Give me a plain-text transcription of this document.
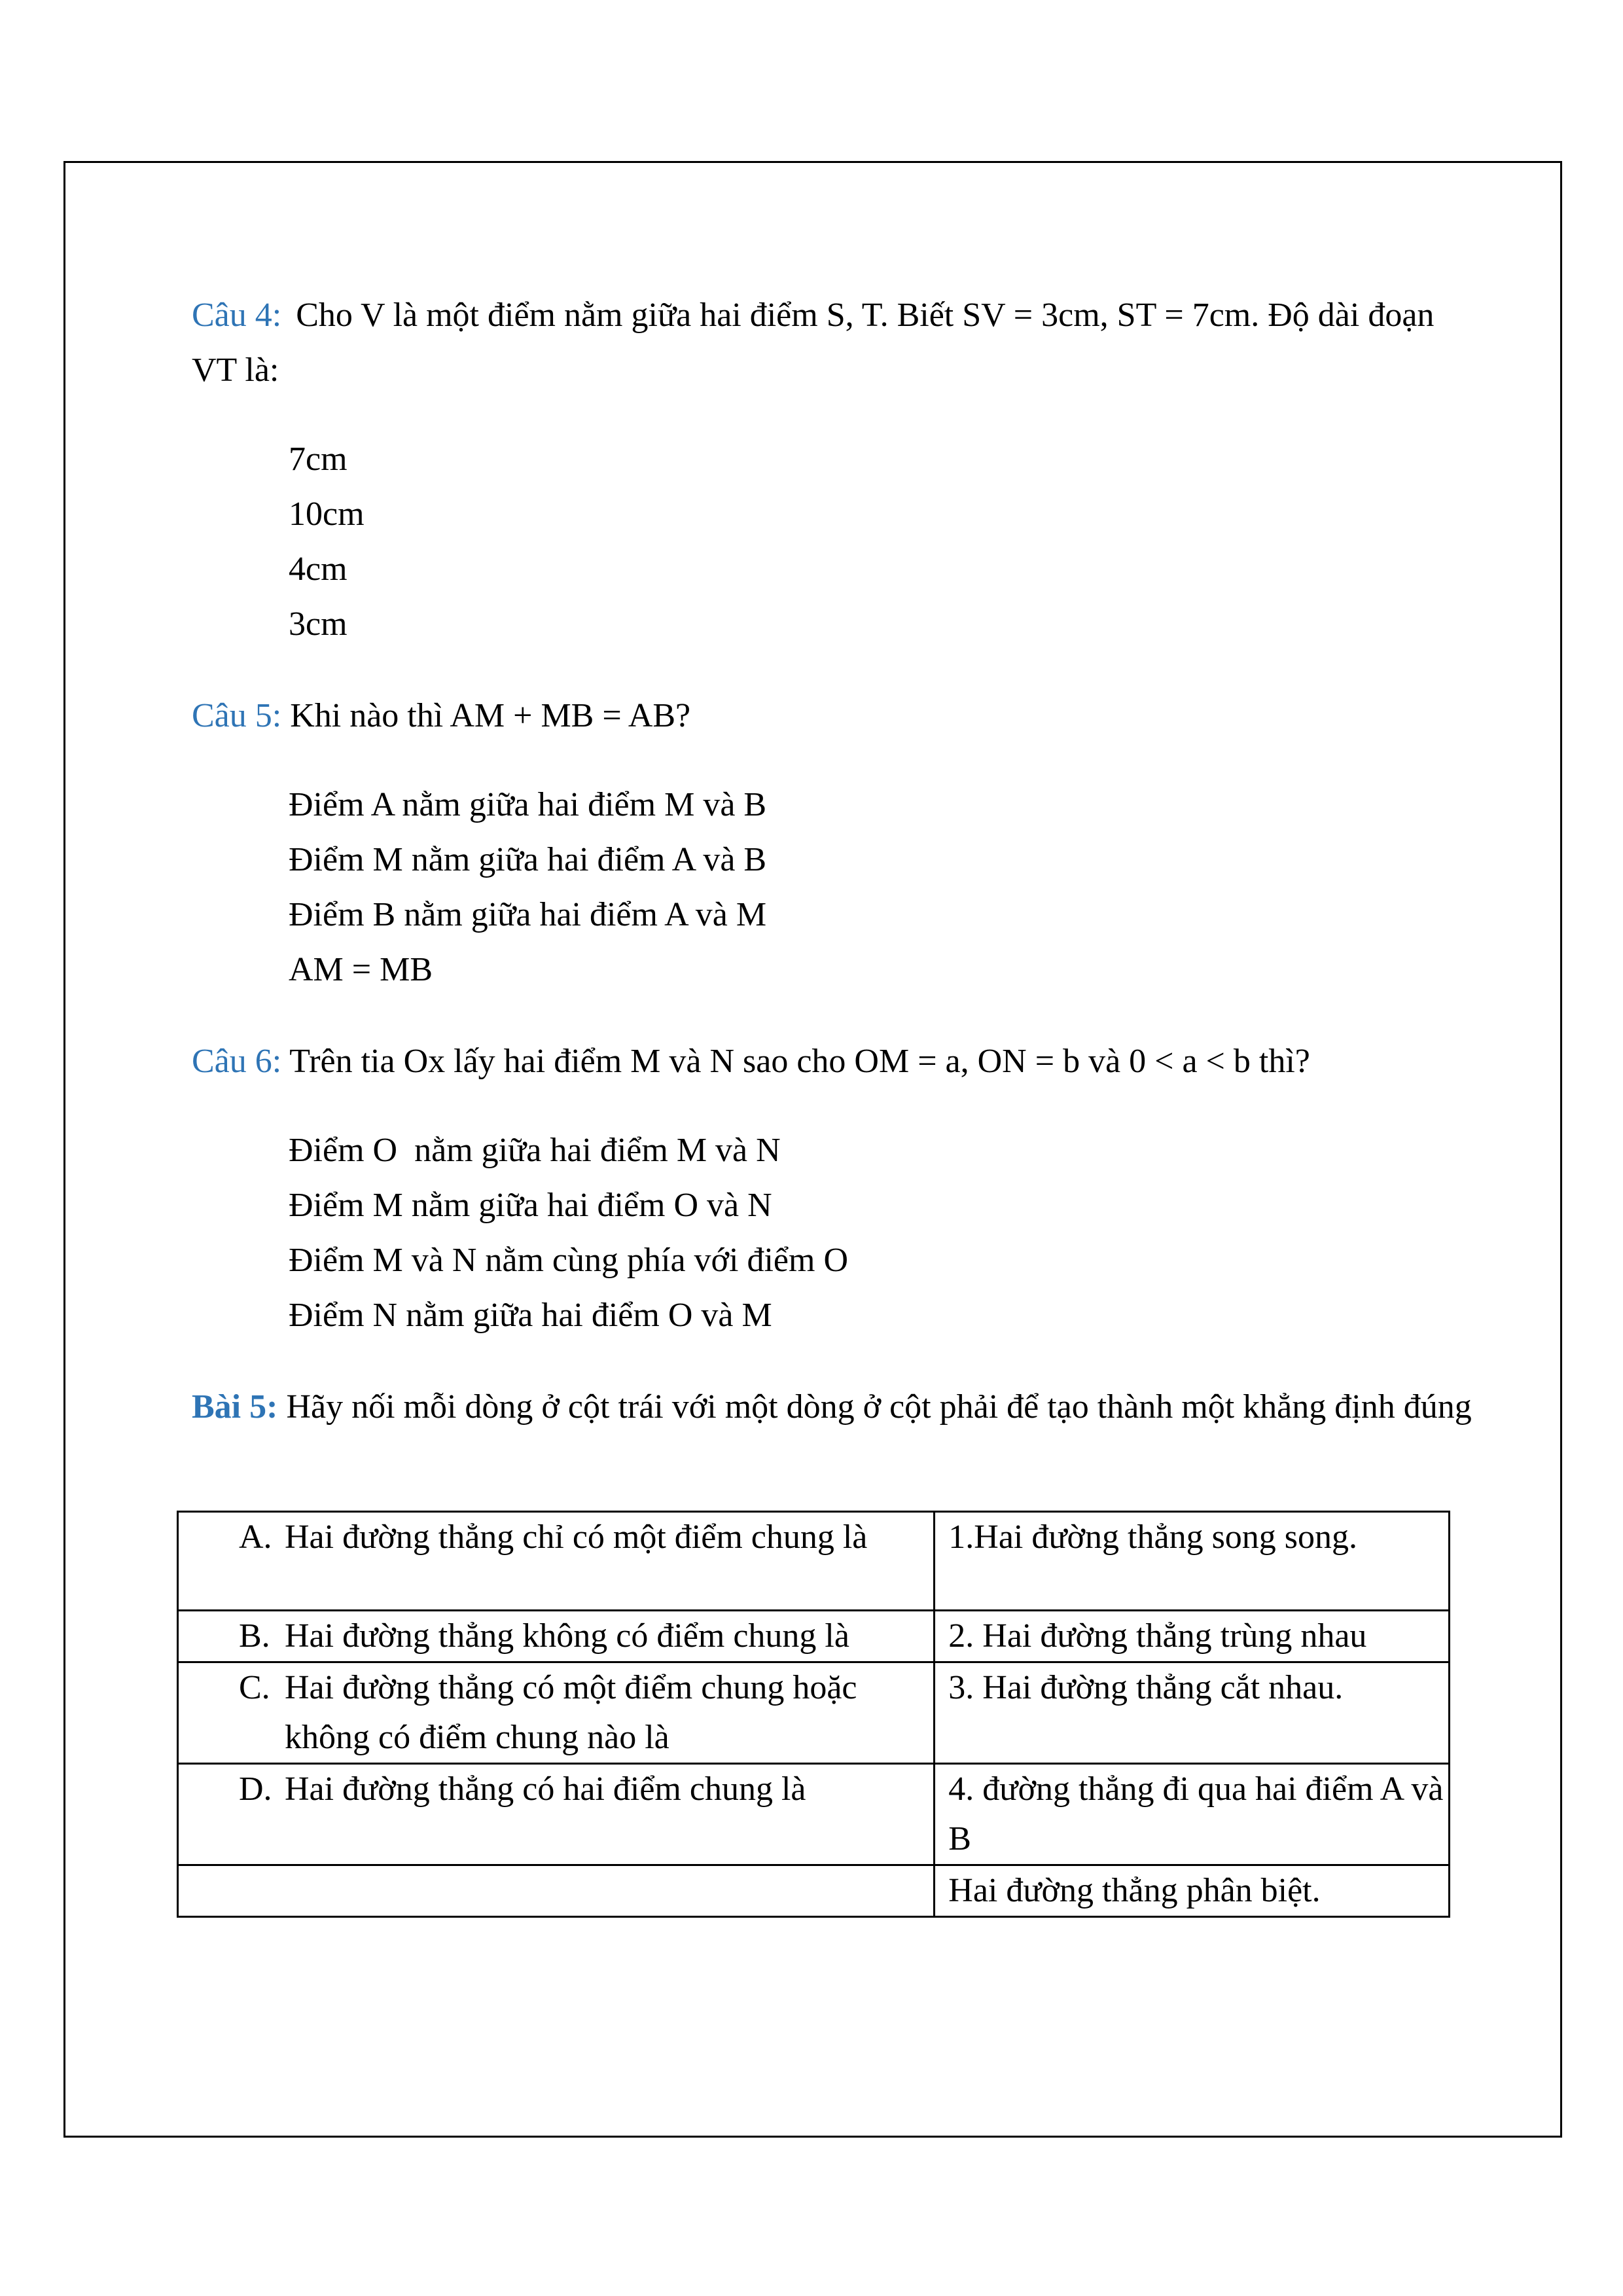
Câu 4: Cho V là một điểm nằm giữa hai điểm S, T. Biết SV = 3cm, ST = 7cm. Độ dài đoạn VT là:

7cm
10cm
4cm
3cm

Câu 5: Khi nào thì AM + MB = AB?

Điểm A nằm giữa hai điểm M và B
Điểm M nằm giữa hai điểm A và B
Điểm B nằm giữa hai điểm A và M
AM = MB

Câu 6: Trên tia Ox lấy hai điểm M và N sao cho OM = a, ON = b và 0 < a < b thì?

Điểm O  nằm giữa hai điểm M và N
Điểm M nằm giữa hai điểm O và N
Điểm M và N nằm cùng phía với điểm O
Điểm N nằm giữa hai điểm O và M

Bài 5: Hãy nối mỗi dòng ở cột trái với một dòng ở cột phải để tạo thành một khẳng định đúng

A. Hai đường thẳng chỉ có một điểm chung là	1.Hai đường thẳng song song.

B. Hai đường thẳng không có điểm chung là	2. Hai đường thẳng trùng nhau

C. Hai đường thẳng có một điểm chung hoặc không có điểm chung nào là	3. Hai đường thẳng cắt nhau.

D. Hai đường thẳng có hai điểm chung là	4. đường thẳng đi qua hai điểm A và B

	Hai đường thẳng phân biệt.
